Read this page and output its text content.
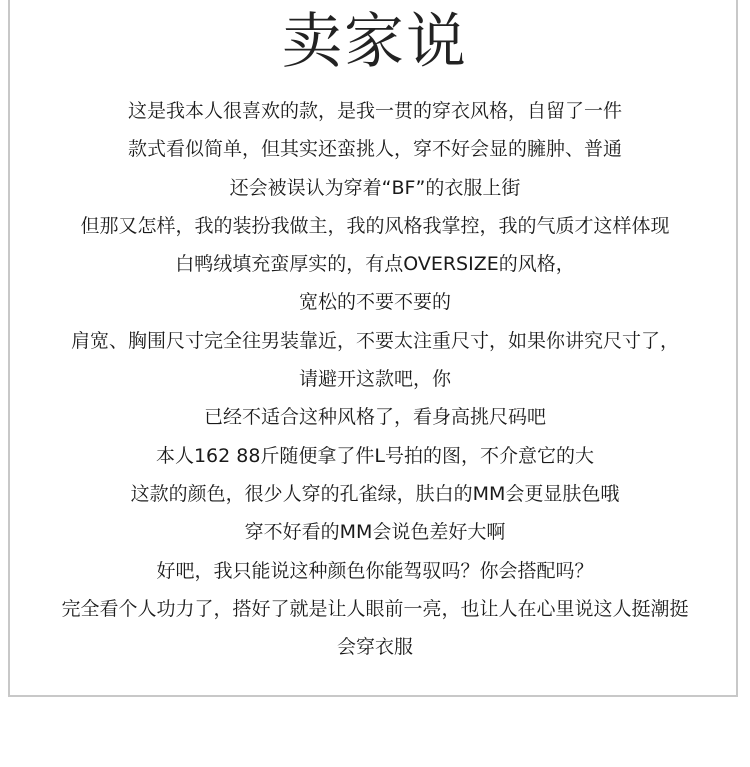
卖家说
这是我本人很喜欢的款，是我一贯的穿衣风格，自留了一件
款式看似简单，但其实还蛮挑人，穿不好会显的臃肿、普通
还会被误认为穿着“BF”的衣服上街
但那又怎样，我的装扮我做主，我的风格我掌控，我的气质才这样体现
白鸭绒填充蛮厚实的，有点OVERSIZE的风格，
宽松的不要不要的
肩宽、胸围尺寸完全往男装靠近，不要太注重尺寸，如果你讲究尺寸了，
请避开这款吧，你
已经不适合这种风格了，看身高挑尺码吧
本人162 88斤随便拿了件L号拍的图，不介意它的大
这款的颜色，很少人穿的孔雀绿，肤白的MM会更显肤色哦
穿不好看的MM会说色差好大啊
好吧，我只能说这种颜色你能驾驭吗？你会搭配吗？
完全看个人功力了，搭好了就是让人眼前一亮，也让人在心里说这人挺潮挺
会穿衣服
